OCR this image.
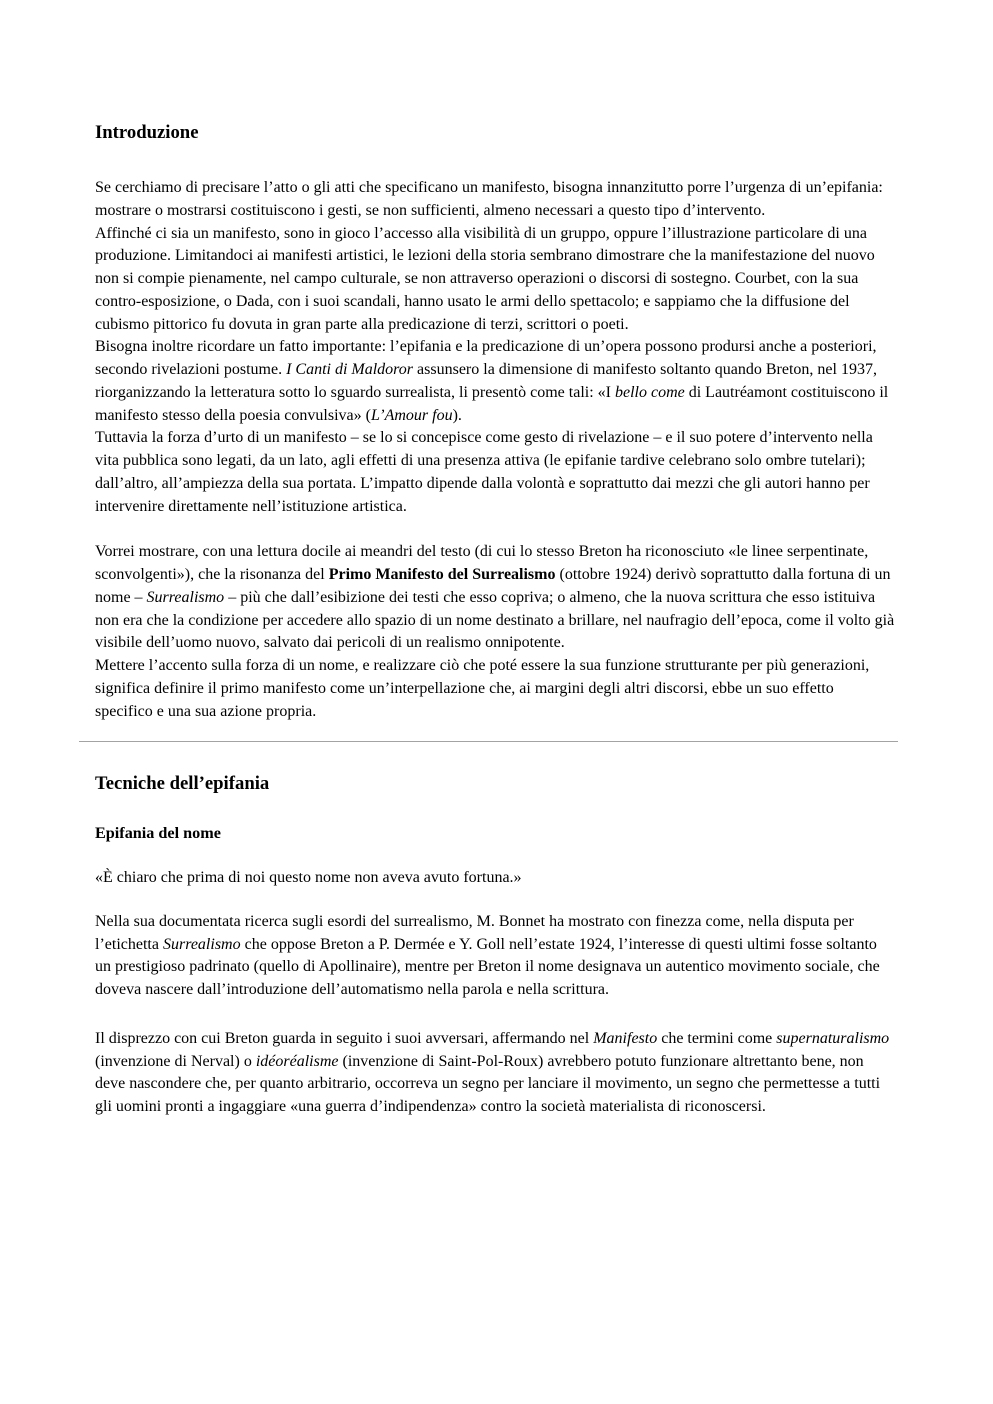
Introduzione

Se cerchiamo di precisare l’atto o gli atti che specificano un manifesto, bisogna innanzitutto porre l’urgenza di un’epifania: mostrare o mostrarsi costituiscono i gesti, se non sufficienti, almeno necessari a questo tipo d’intervento.

Affinché ci sia un manifesto, sono in gioco l’accesso alla visibilità di un gruppo, oppure l’illustrazione particolare di una produzione. Limitandoci ai manifesti artistici, le lezioni della storia sembrano dimostrare che la manifestazione del nuovo non si compie pienamente, nel campo culturale, se non attraverso operazioni o discorsi di sostegno. Courbet, con la sua contro-esposizione, o Dada, con i suoi scandali, hanno usato le armi dello spettacolo; e sappiamo che la diffusione del cubismo pittorico fu dovuta in gran parte alla predicazione di terzi, scrittori o poeti.

Bisogna inoltre ricordare un fatto importante: l’epifania e la predicazione di un’opera possono prodursi anche a posteriori, secondo rivelazioni postume. I Canti di Maldoror assunsero la dimensione di manifesto soltanto quando Breton, nel 1937, riorganizzando la letteratura sotto lo sguardo surrealista, li presentò come tali: «I bello come di Lautréamont costituiscono il manifesto stesso della poesia convulsiva» (L’Amour fou).

Tuttavia la forza d’urto di un manifesto – se lo si concepisce come gesto di rivelazione – e il suo potere d’intervento nella vita pubblica sono legati, da un lato, agli effetti di una presenza attiva (le epifanie tardive celebrano solo ombre tutelari); dall’altro, all’ampiezza della sua portata. L’impatto dipende dalla volontà e soprattutto dai mezzi che gli autori hanno per intervenire direttamente nell’istituzione artistica.

Vorrei mostrare, con una lettura docile ai meandri del testo (di cui lo stesso Breton ha riconosciuto «le linee serpentinate, sconvolgenti»), che la risonanza del Primo Manifesto del Surrealismo (ottobre 1924) derivò soprattutto dalla fortuna di un nome – Surrealismo – più che dall’esibizione dei testi che esso copriva; o almeno, che la nuova scrittura che esso istituiva non era che la condizione per accedere allo spazio di un nome destinato a brillare, nel naufragio dell’epoca, come il volto già visibile dell’uomo nuovo, salvato dai pericoli di un realismo onnipotente.

Mettere l’accento sulla forza di un nome, e realizzare ciò che poté essere la sua funzione strutturante per più generazioni, significa definire il primo manifesto come un’interpellazione che, ai margini degli altri discorsi, ebbe un suo effetto specifico e una sua azione propria.

Tecniche dell’epifania
Epifania del nome

«È chiaro che prima di noi questo nome non aveva avuto fortuna.»

Nella sua documentata ricerca sugli esordi del surrealismo, M. Bonnet ha mostrato con finezza come, nella disputa per l’etichetta Surrealismo che oppose Breton a P. Dermée e Y. Goll nell’estate 1924, l’interesse di questi ultimi fosse soltanto un prestigioso padrinato (quello di Apollinaire), mentre per Breton il nome designava un autentico movimento sociale, che doveva nascere dall’introduzione dell’automatismo nella parola e nella scrittura.

Il disprezzo con cui Breton guarda in seguito i suoi avversari, affermando nel Manifesto che termini come supernaturalismo (invenzione di Nerval) o idéoréalisme (invenzione di Saint-Pol-Roux) avrebbero potuto funzionare altrettanto bene, non deve nascondere che, per quanto arbitrario, occorreva un segno per lanciare il movimento, un segno che permettesse a tutti gli uomini pronti a ingaggiare «una guerra d’indipendenza» contro la società materialista di riconoscersi.
